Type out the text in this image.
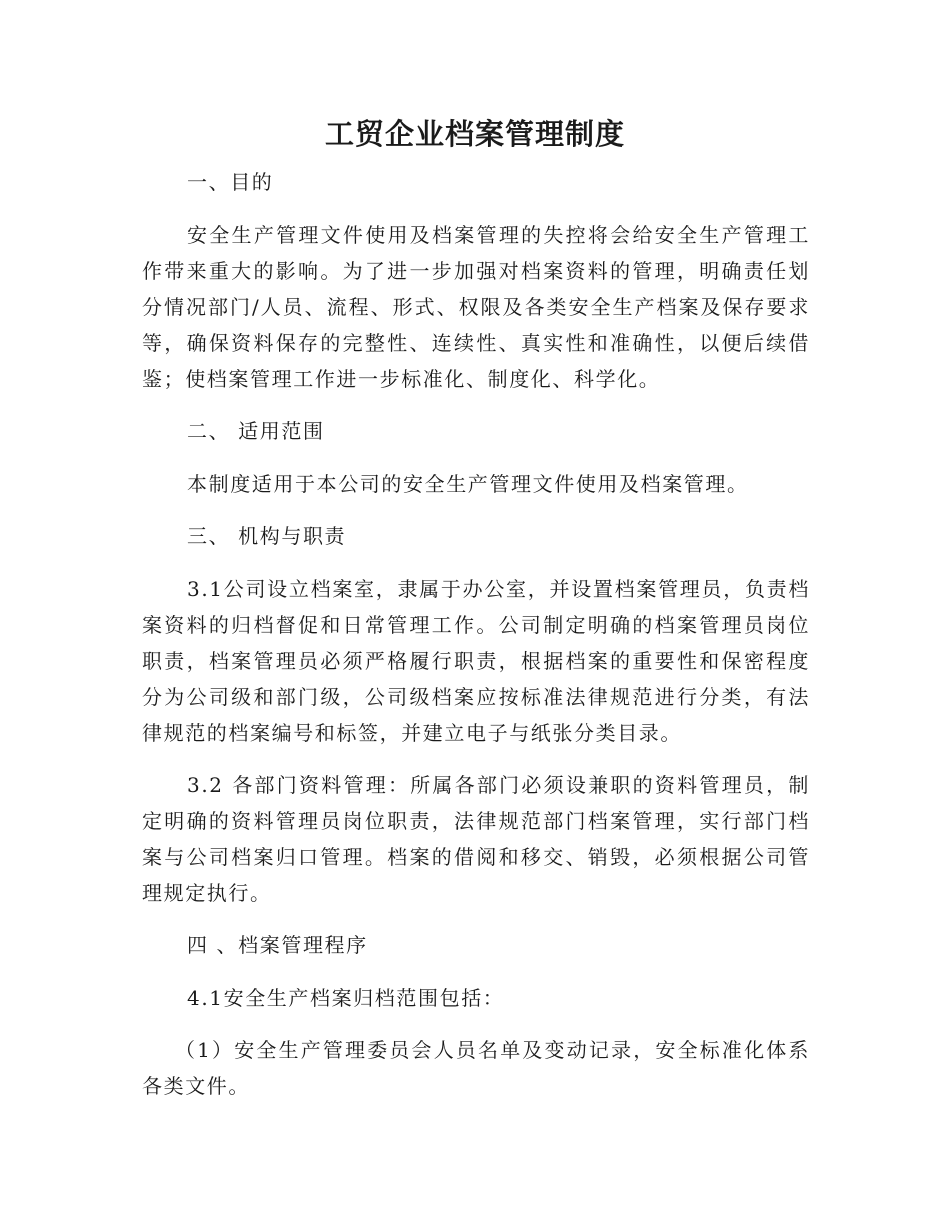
工贸企业档案管理制度

一、目的

安全生产管理文件使用及档案管理的失控将会给安全生产管理工作带来重大的影响。为了进一步加强对档案资料的管理，明确责任划分情况部门/人员、流程、形式、权限及各类安全生产档案及保存要求等，确保资料保存的完整性、连续性、真实性和准确性，以便后续借鉴；使档案管理工作进一步标准化、制度化、科学化。

二、 适用范围

本制度适用于本公司的安全生产管理文件使用及档案管理。

三、 机构与职责

3.1公司设立档案室，隶属于办公室，并设置档案管理员，负责档案资料的归档督促和日常管理工作。公司制定明确的档案管理员岗位职责，档案管理员必须严格履行职责，根据档案的重要性和保密程度分为公司级和部门级，公司级档案应按标准法律规范进行分类，有法律规范的档案编号和标签，并建立电子与纸张分类目录。

3.2 各部门资料管理：所属各部门必须设兼职的资料管理员，制定明确的资料管理员岗位职责，法律规范部门档案管理，实行部门档案与公司档案归口管理。档案的借阅和移交、销毁，必须根据公司管理规定执行。

四 、档案管理程序

4.1安全生产档案归档范围包括：

（1）安全生产管理委员会人员名单及变动记录，安全标准化体系各类文件。
